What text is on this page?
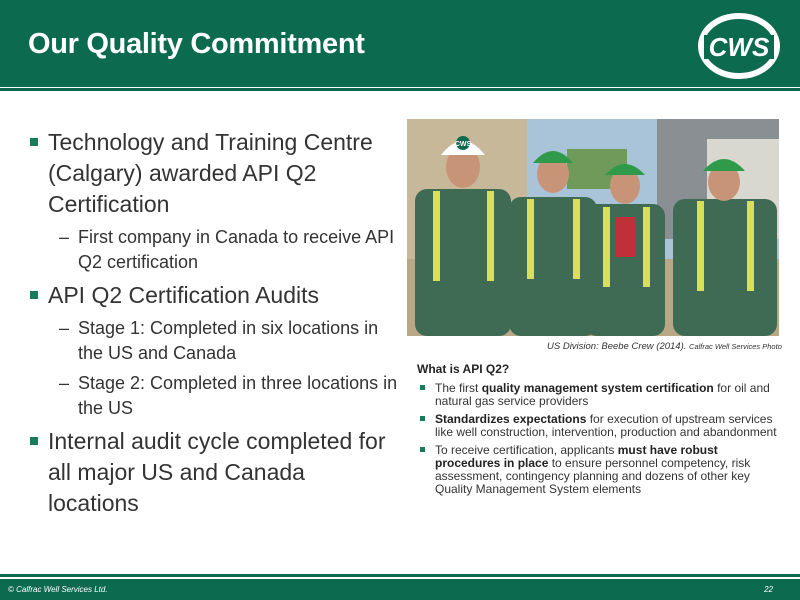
Our Quality Commitment	CWS
Technology and Training Centre (Calgary) awarded API Q2 Certification
– First company in Canada to receive API Q2 certification
API Q2 Certification Audits
– Stage 1: Completed in six locations in the US and Canada
– Stage 2: Completed in three locations in the US
Internal audit cycle completed for all major US and Canada locations
CWS
US Division: Beebe Crew (2014). Calfrac Well Services Photo
What is API Q2?
The first quality management system certification for oil and natural gas service providers
Standardizes expectations for execution of upstream services like well construction, intervention, production and abandonment
To receive certification, applicants must have robust procedures in place to ensure personnel competency, risk assessment, contingency planning and dozens of other key Quality Management System elements
© Calfrac Well Services Ltd.	22
